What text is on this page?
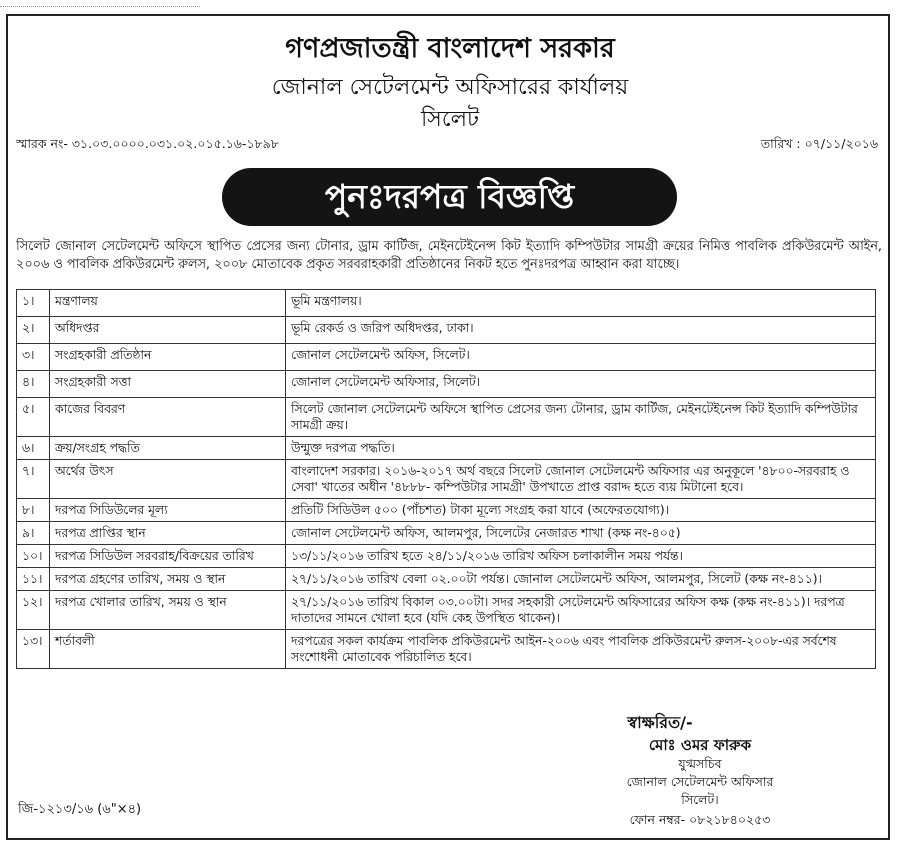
গণপ্রজাতন্ত্রী বাংলাদেশ সরকার
জোনাল সেটেলমেন্ট অফিসারের কার্যালয়
সিলেট
স্মারক নং- ৩১.০৩.০০০০.০৩১.০২.০১৫.১৬-১৮৯৮	তারিখ : ০৭/১১/২০১৬
পুনঃদরপত্র বিজ্ঞপ্তি
সিলেট জোনাল সেটেলমেন্ট অফিসে স্থাপিত প্রেসের জন্য টোনার, ড্রাম কার্টিজ, মেইনটেইনেন্স কিট ইত্যাদি কম্পিউটার সামগ্রী ক্রয়ের নিমিত্ত পাবলিক প্রকিউরমেন্ট আইন, ২০০৬ ও পাবলিক প্রকিউরমেন্ট রুলস, ২০০৮ মোতাবেক প্রকৃত সরবরাহকারী প্রতিষ্ঠানের নিকট হতে পুনঃদরপত্র আহ্বান করা যাচ্ছে।
১।	মন্ত্রণালয়	ভূমি মন্ত্রণালয়।
২।	অধিদপ্তর	ভূমি রেকর্ড ও জরিপ অধিদপ্তর, ঢাকা।
৩।	সংগ্রহকারী প্রতিষ্ঠান	জোনাল সেটেলমেন্ট অফিস, সিলেট।
৪।	সংগ্রহকারী সত্তা	জোনাল সেটেলমেন্ট অফিসার, সিলেট।
৫।	কাজের বিবরণ	সিলেট জোনাল সেটেলমেন্ট অফিসে স্থাপিত প্রেসের জন্য টোনার, ড্রাম কার্টিজ, মেইনটেইনেন্স কিট ইত্যাদি কম্পিউটার সামগ্রী ক্রয়।
৬।	ক্রয়/সংগ্রহ পদ্ধতি	উন্মুক্ত দরপত্র পদ্ধতি।
৭।	অর্থের উৎস	বাংলাদেশ সরকার। ২০১৬-২০১৭ অর্থ বছরে সিলেট জোনাল সেটেলমেন্ট অফিসার এর অনুকূলে '৪৮০০-সরবরাহ ও সেবা' খাতের অধীন '৪৮৮৮- কম্পিউটার সামগ্রী' উপখাতে প্রাপ্ত বরাদ্দ হতে ব্যয় মিটানো হবে।
৮।	দরপত্র সিডিউলের মূল্য	প্রতিটি সিডিউল ৫০০ (পাঁচশত) টাকা মূল্যে সংগ্রহ করা যাবে (অফেরতযোগ্য)।
৯।	দরপত্র প্রাপ্তির স্থান	জোনাল সেটেলমেন্ট অফিস, আলমপুর, সিলেটের নেজারত শাখা (কক্ষ নং-৪০৫)
১০।	দরপত্র সিডিউল সরবরাহ/বিক্রয়ের তারিখ	১৩/১১/২০১৬ তারিখ হতে ২৪/১১/২০১৬ তারিখ অফিস চলাকালীন সময় পর্যন্ত।
১১।	দরপত্র গ্রহণের তারিখ, সময় ও স্থান	২৭/১১/২০১৬ তারিখ বেলা ০২.০০টা পর্যন্ত। জোনাল সেটেলমেন্ট অফিস, আলমপুর, সিলেট (কক্ষ নং-৪১১)।
১২।	দরপত্র খোলার তারিখ, সময় ও স্থান	২৭/১১/২০১৬ তারিখ বিকাল ০৩.০০টা। সদর সহকারী সেটেলমেন্ট অফিসারের অফিস কক্ষ (কক্ষ নং-৪১১)। দরপত্র দাতাদের সামনে খোলা হবে (যদি কেহ উপস্থিত থাকেন)।
১৩।	শর্তাবলী	দরপত্রের সকল কার্যক্রম পাবলিক প্রকিউরমেন্ট আইন-২০০৬ এবং পাবলিক প্রকিউরমেন্ট রুলস-২০০৮-এর সর্বশেষ সংশোধনী মোতাবেক পরিচালিত হবে।
স্বাক্ষরিত/-
মোঃ ওমর ফারুক
যুগ্মসচিব
জোনাল সেটেলমেন্ট অফিসার
সিলেট।
ফোন নম্বর- ০৮২১৮৪০২৫৩
জি-১২১৩/১৬ (৬"×৪)
